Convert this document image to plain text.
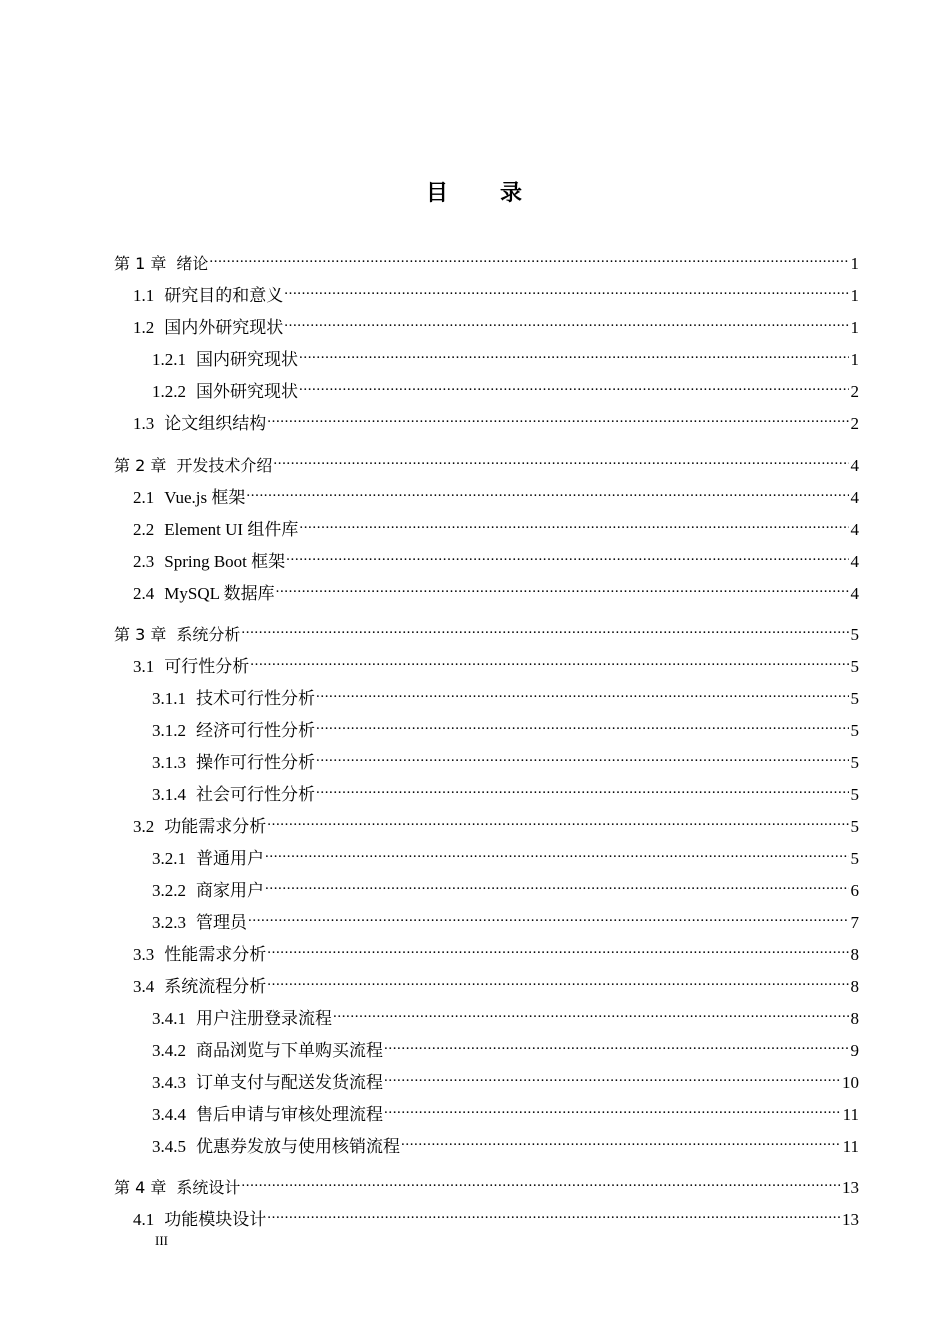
目 录
第 1 章 绪论 .....	1
1.1 研究目的和意义 .....	1
1.2 国内外研究现状 .....	1
1.2.1 国内研究现状 .....	1
1.2.2 国外研究现状 .....	2
1.3 论文组织结构 .....	2
第 2 章 开发技术介绍 .....	4
2.1 Vue.js 框架 .....	4
2.2 Element UI 组件库 .....	4
2.3 Spring Boot 框架 .....	4
2.4 MySQL 数据库 .....	4
第 3 章 系统分析 .....	5
3.1 可行性分析 .....	5
3.1.1 技术可行性分析 .....	5
3.1.2 经济可行性分析 .....	5
3.1.3 操作可行性分析 .....	5
3.1.4 社会可行性分析 .....	5
3.2 功能需求分析 .....	5
3.2.1 普通用户 .....	5
3.2.2 商家用户 .....	6
3.2.3 管理员 .....	7
3.3 性能需求分析 .....	8
3.4 系统流程分析 .....	8
3.4.1 用户注册登录流程 .....	8
3.4.2 商品浏览与下单购买流程 .....	9
3.4.3 订单支付与配送发货流程 .....	10
3.4.4 售后申请与审核处理流程 .....	11
3.4.5 优惠券发放与使用核销流程 .....	11
第 4 章 系统设计 .....	13
4.1 功能模块设计 .....	13
III
